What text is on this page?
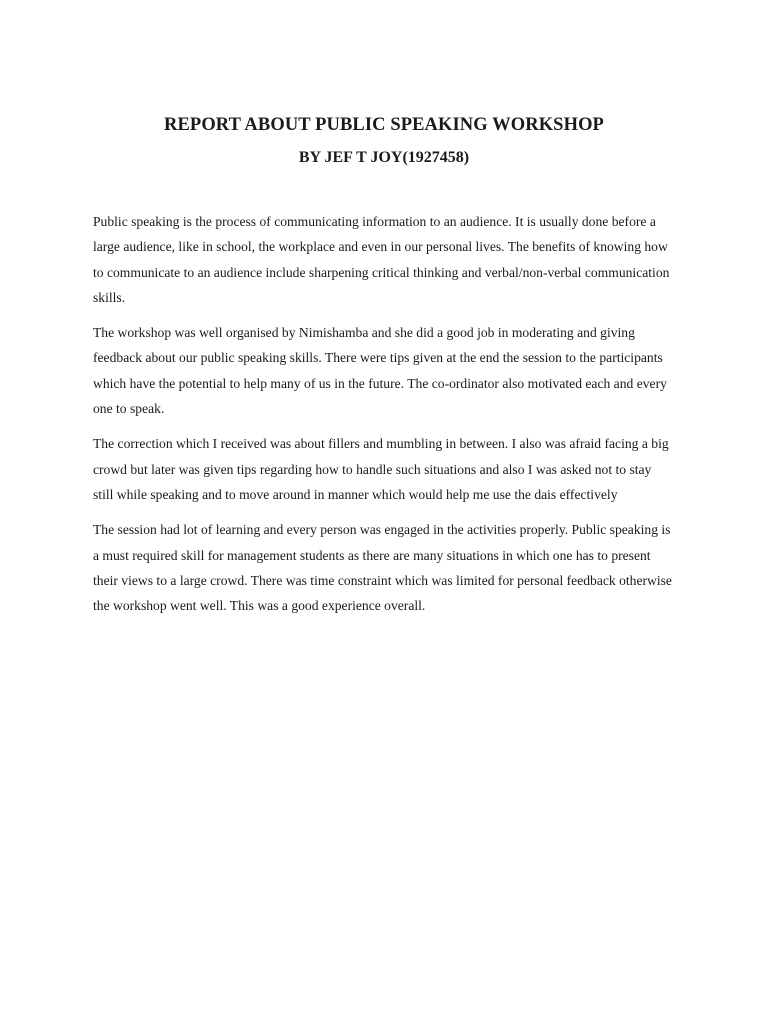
REPORT ABOUT PUBLIC SPEAKING WORKSHOP
BY JEF T JOY(1927458)

Public speaking is the process of communicating information to an audience. It is usually done before a large audience, like in school, the workplace and even in our personal lives. The benefits of knowing how to communicate to an audience include sharpening critical thinking and verbal/non-verbal communication skills.

The workshop was well organised by Nimishamba and she did a good job in moderating and giving feedback about our public speaking skills. There were tips given at the end the session to the participants which have the potential to help many of us in the future. The co-ordinator also motivated each and every one to speak.

The correction which I received was about fillers and mumbling in between. I also was afraid facing a big crowd but later was given tips regarding how to handle such situations and also I was asked not to stay still while speaking and to move around in manner which would help me use the dais effectively

The session had lot of learning and every person was engaged in the activities properly. Public speaking is a must required skill for management students as there are many situations in which one has to present their views to a large crowd. There was time constraint which was limited for personal feedback otherwise the workshop went well. This was a good experience overall.
